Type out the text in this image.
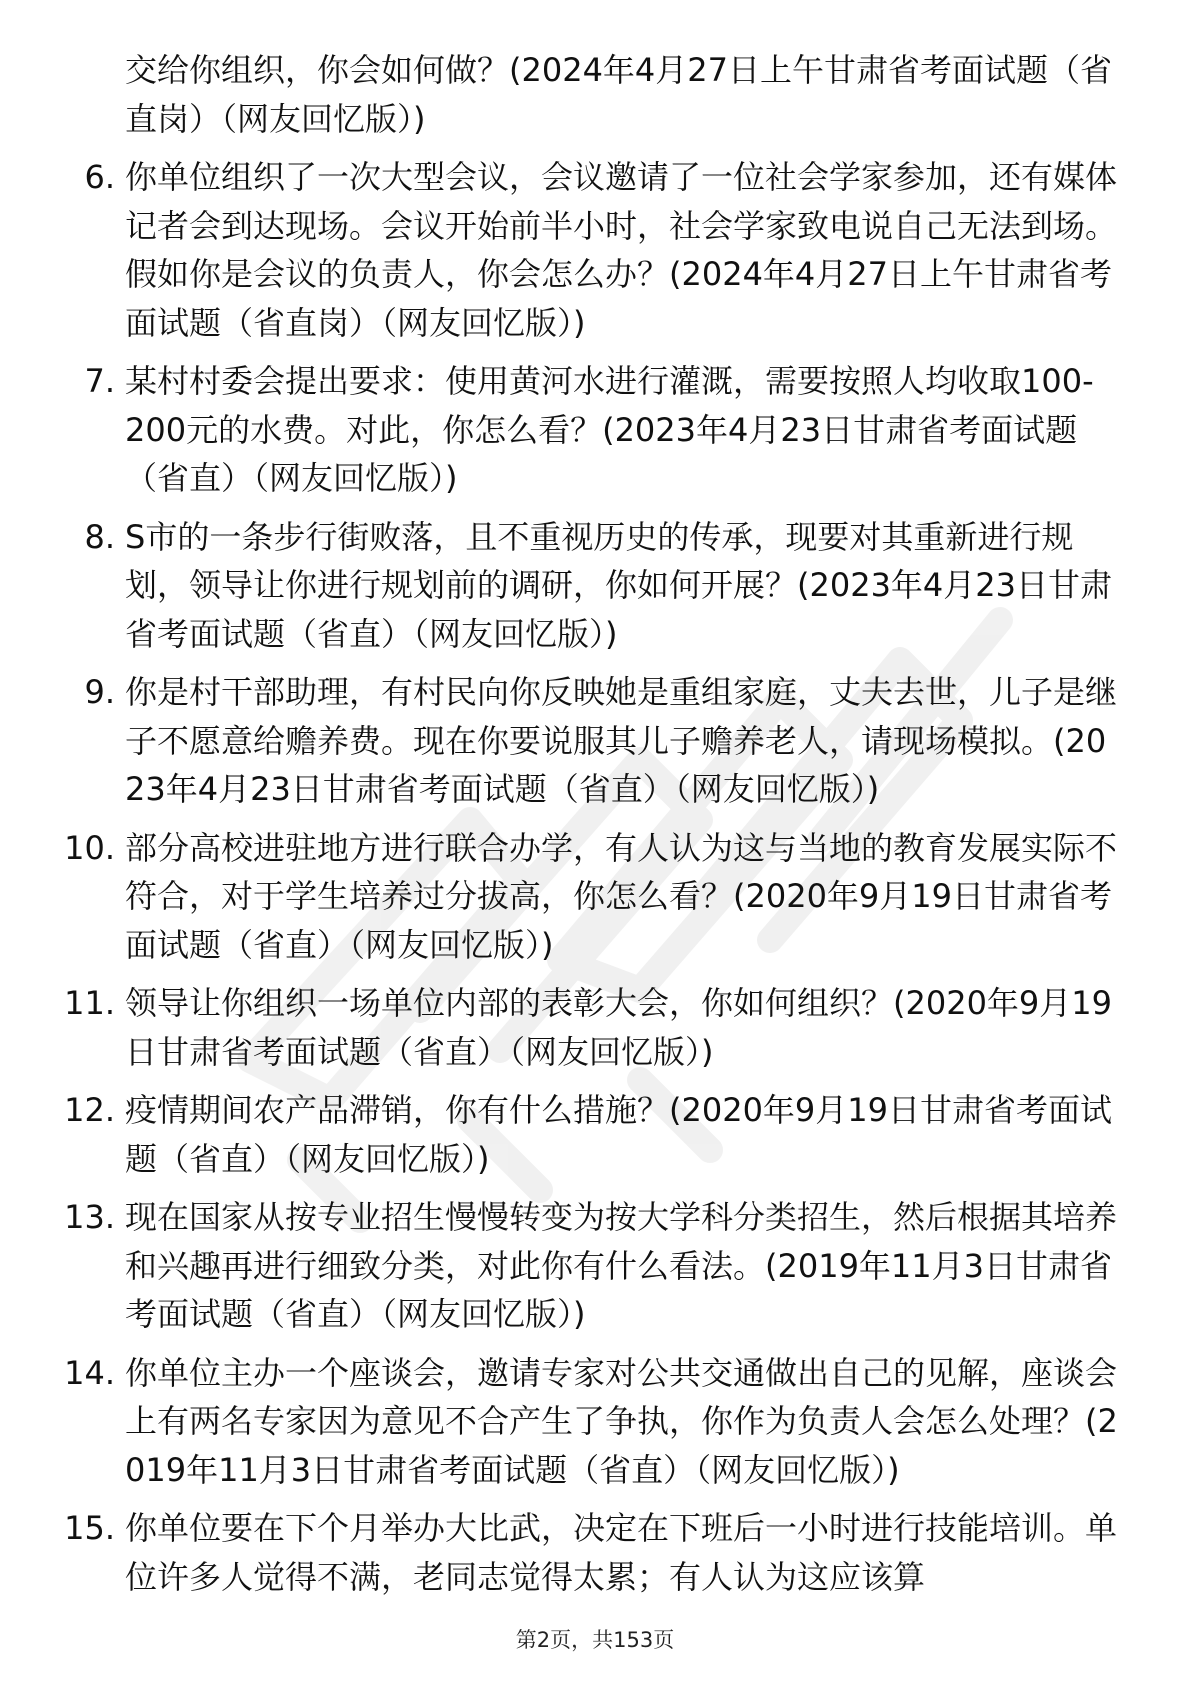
交给你组织，你会如何做？(2024年4月27日上午甘肃省考面试题（省直岗）（网友回忆版）)
6. 你单位组织了一次大型会议，会议邀请了一位社会学家参加，还有媒体记者会到达现场。会议开始前半小时，社会学家致电说自己无法到场。假如你是会议的负责人，你会怎么办？(2024年4月27日上午甘肃省考面试题（省直岗）（网友回忆版）)
7. 某村村委会提出要求：使用黄河水进行灌溉，需要按照人均收取100- 200元的水费。对此，你怎么看？(2023年4月23日甘肃省考面试题（省直）（网友回忆版）)
8. S市的一条步行街败落，且不重视历史的传承，现要对其重新进行规划，领导让你进行规划前的调研，你如何开展？(2023年4月23日甘肃省考面试题（省直）（网友回忆版）)
9. 你是村干部助理，有村民向你反映她是重组家庭，丈夫去世，儿子是继子不愿意给赡养费。现在你要说服其儿子赡养老人，请现场模拟。(2023年4月23日甘肃省考面试题（省直）（网友回忆版）)
10. 部分高校进驻地方进行联合办学，有人认为这与当地的教育发展实际不符合，对于学生培养过分拔高，你怎么看？(2020年9月19日甘肃省考面试题（省直）（网友回忆版）)
11. 领导让你组织一场单位内部的表彰大会，你如何组织？(2020年9月19日甘肃省考面试题（省直）（网友回忆版）)
12. 疫情期间农产品滞销，你有什么措施？(2020年9月19日甘肃省考面试题（省直）（网友回忆版）)
13. 现在国家从按专业招生慢慢转变为按大学科分类招生，然后根据其培养和兴趣再进行细致分类，对此你有什么看法。(2019年11月3日甘肃省考面试题（省直）（网友回忆版）)
14. 你单位主办一个座谈会，邀请专家对公共交通做出自己的见解，座谈会上有两名专家因为意见不合产生了争执，你作为负责人会怎么处理？(2019年11月3日甘肃省考面试题（省直）（网友回忆版）)
15. 你单位要在下个月举办大比武，决定在下班后一小时进行技能培训。单位许多人觉得不满，老同志觉得太累；有人认为这应该算
第2页，共153页
